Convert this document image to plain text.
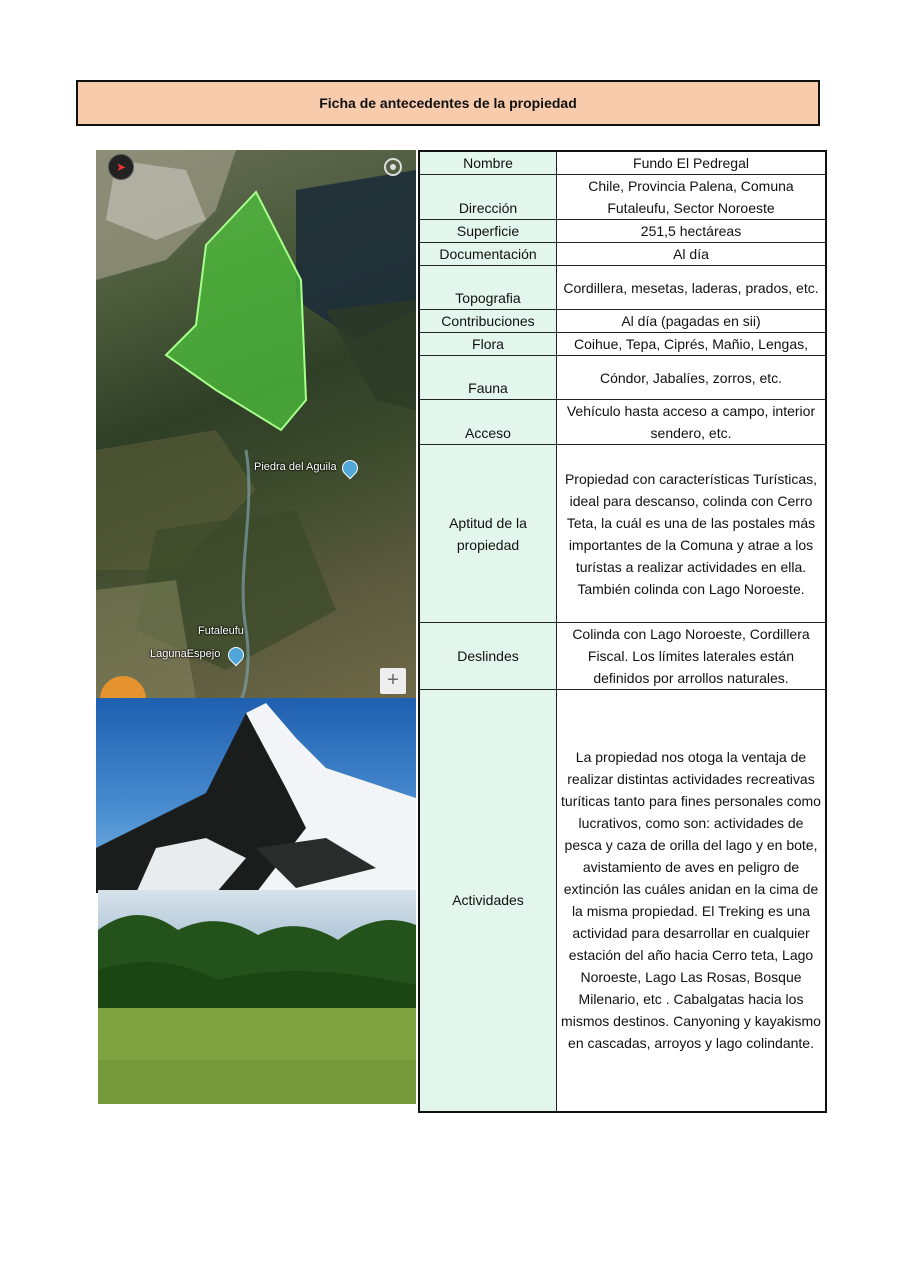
Ficha de antecedentes de la propiedad
➤
Piedra del Aguila
Futaleufu
LagunaEspejo
+
Nombre	Fundo El Pedregal
Dirección	Chile, Provincia Palena, Comuna Futaleufu, Sector Noroeste
Superficie	251,5 hectáreas
Documentación	Al día
Topografia	Cordillera, mesetas, laderas, prados, etc.
Contribuciones	Al día (pagadas en sii)
Flora	Coihue, Tepa, Ciprés, Mañio, Lengas,
Fauna	Cóndor, Jabalíes, zorros, etc.
Acceso	Vehículo hasta acceso a campo, interior sendero, etc.
Aptitud de la propiedad	Propiedad con características Turísticas, ideal para descanso, colinda con Cerro Teta, la cuál es una de las postales más importantes de la Comuna y atrae a los turístas a realizar actividades en ella. También colinda con Lago Noroeste.
Deslindes	Colinda con Lago Noroeste, Cordillera Fiscal. Los límites laterales están definidos por arrollos naturales.
Actividades	La propiedad nos otoga la ventaja de realizar distintas actividades recreativas turíticas tanto para fines personales como lucrativos, como son: actividades de pesca y caza de orilla del lago y en bote, avistamiento de aves en peligro de extinción las cuáles anidan en la cima de la misma propiedad. El Treking es una actividad para desarrollar en cualquier estación del año hacia Cerro teta, Lago Noroeste, Lago Las Rosas, Bosque Milenario, etc . Cabalgatas hacia los mismos destinos. Canyoning y kayakismo en cascadas, arroyos y lago colindante.
